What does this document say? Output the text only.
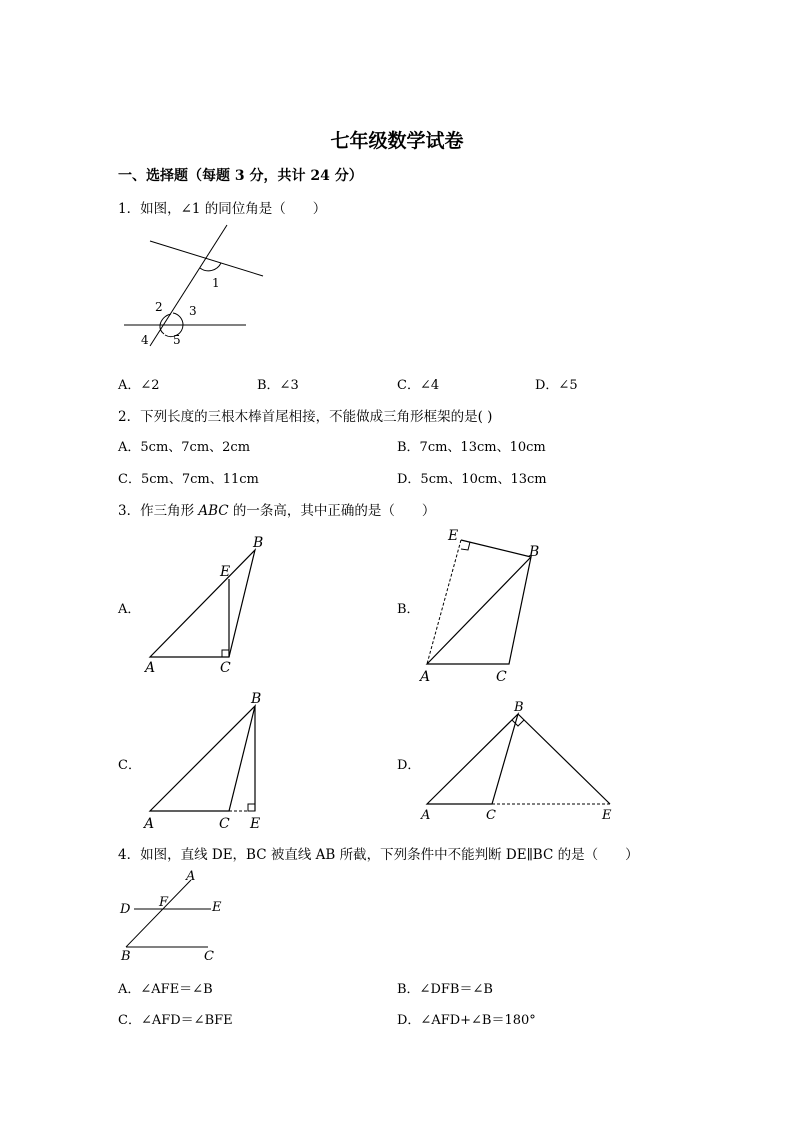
七年级数学试卷
一、选择题（每题 3 分，共计 24 分）
1．如图，∠1 的同位角是（　　）
1
2 3
4 5
A．∠2	B．∠3	C．∠4	D．∠5
2．下列长度的三根木棒首尾相接，不能做成三角形框架的是( )
A．5cm、7cm、2cm	B．7cm、13cm、10cm
C．5cm、7cm、11cm	D．5cm、10cm、13cm
3．作三角形 ABC 的一条高，其中正确的是（　　）
A．
A
B
C
E
B．
A
B
C
E
C．
A
B
C E
D．
A
B
C	E
4．如图，直线 DE，BC 被直线 AB 所截，下列条件中不能判断 DE∥BC 的是（　　）
A
D	E
F
B	C
A．∠AFE＝∠B	B．∠DFB＝∠B
C．∠AFD＝∠BFE	D．∠AFD+∠B＝180°
